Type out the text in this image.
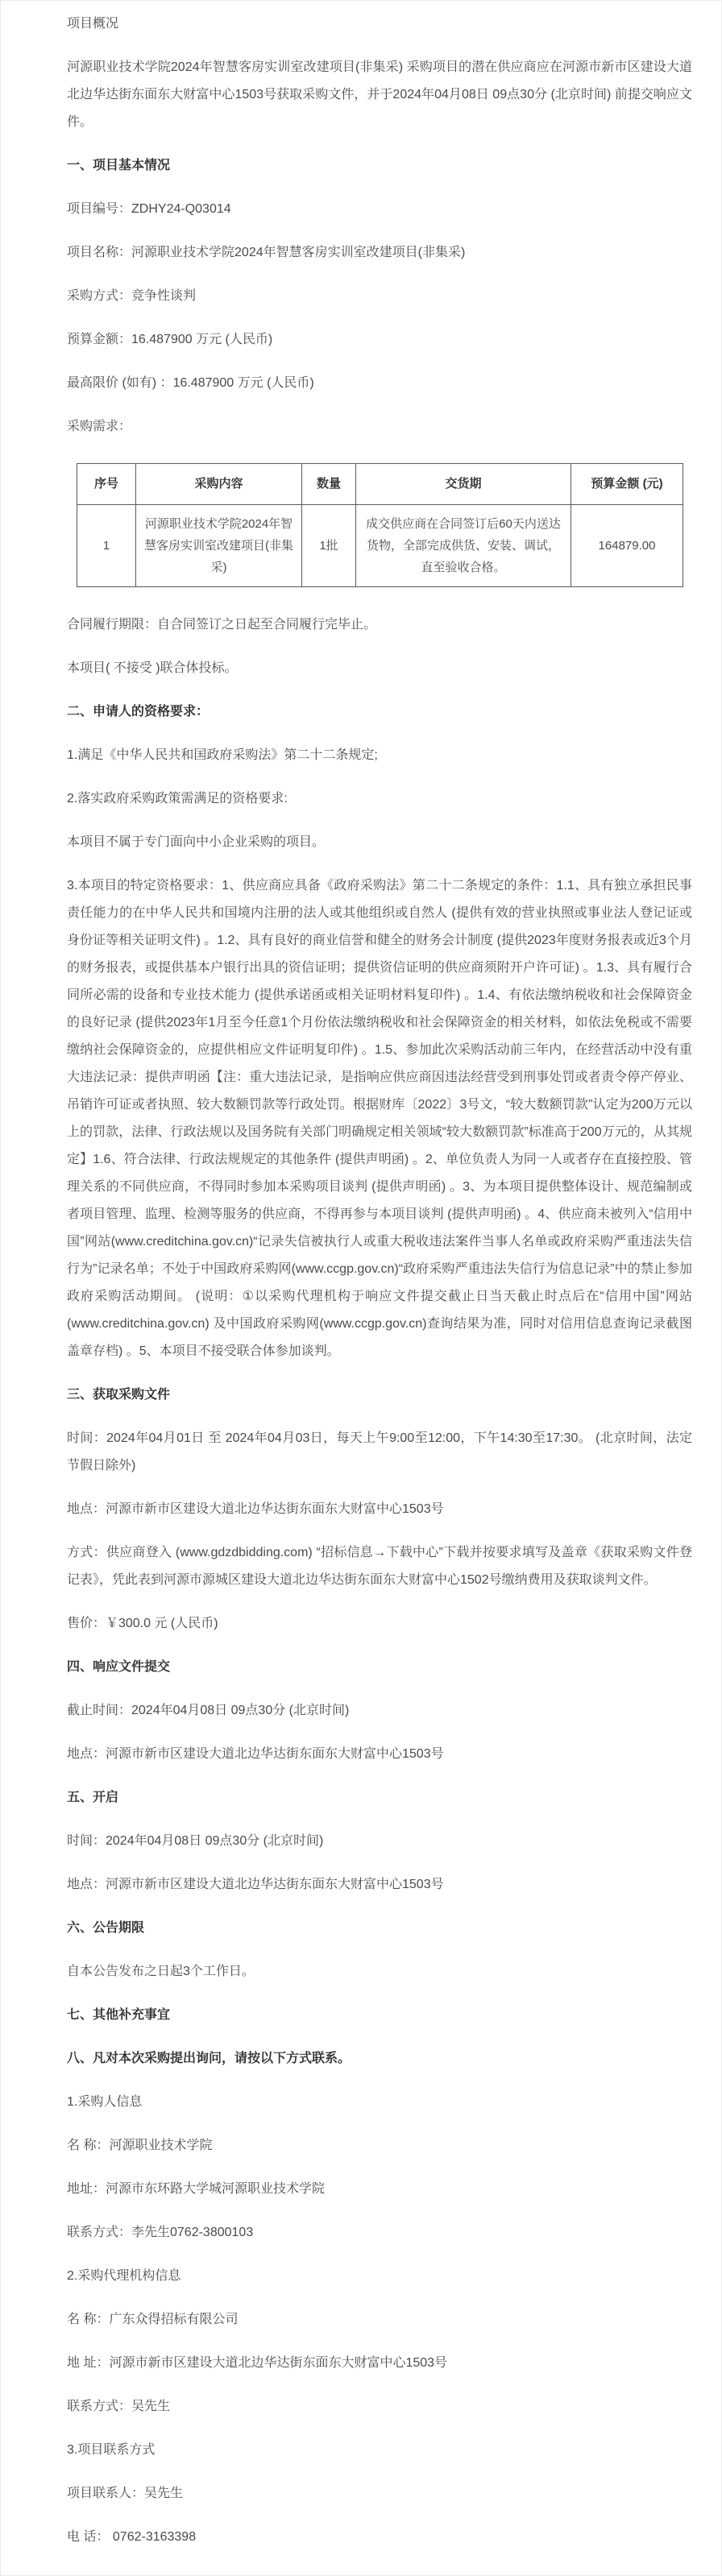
项目概况

河源职业技术学院2024年智慧客房实训室改建项目(非集采) 采购项目的潜在供应商应在河源市新市区建设大道北边华达街东面东大财富中心1503号获取采购文件，并于2024年04月08日 09点30分 (北京时间) 前提交响应文件。

一、项目基本情况

项目编号：ZDHY24-Q03014

项目名称：河源职业技术学院2024年智慧客房实训室改建项目(非集采)

采购方式：竞争性谈判

预算金额：16.487900 万元 (人民币)

最高限价 (如有) ：16.487900 万元 (人民币)

采购需求：

序号	采购内容	数量	交货期	预算金额 (元)
1	河源职业技术学院2024年智慧客房实训室改建项目(非集采)	1批	成交供应商在合同签订后60天内送达货物，全部完成供货、安装、调试，直至验收合格。	164879.00

合同履行期限：自合同签订之日起至合同履行完毕止。

本项目( 不接受 )联合体投标。

二、申请人的资格要求：

1.满足《中华人民共和国政府采购法》第二十二条规定;

2.落实政府采购政策需满足的资格要求:

本项目不属于专门面向中小企业采购的项目。

3.本项目的特定资格要求：1、供应商应具备《政府采购法》第二十二条规定的条件：1.1、具有独立承担民事责任能力的在中华人民共和国境内注册的法人或其他组织或自然人 (提供有效的营业执照或事业法人登记证或身份证等相关证明文件) 。1.2、具有良好的商业信誉和健全的财务会计制度 (提供2023年度财务报表或近3个月的财务报表，或提供基本户银行出具的资信证明；提供资信证明的供应商须附开户许可证) 。1.3、具有履行合同所必需的设备和专业技术能力 (提供承诺函或相关证明材料复印件) 。1.4、有依法缴纳税收和社会保障资金的良好记录 (提供2023年1月至今任意1个月份依法缴纳税收和社会保障资金的相关材料，如依法免税或不需要缴纳社会保障资金的，应提供相应文件证明复印件) 。1.5、参加此次采购活动前三年内，在经营活动中没有重大违法记录：提供声明函【注：重大违法记录，是指响应供应商因违法经营受到刑事处罚或者责令停产停业、吊销许可证或者执照、较大数额罚款等行政处罚。根据财库〔2022〕3号文，“较大数额罚款”认定为200万元以上的罚款，法律、行政法规以及国务院有关部门明确规定相关领域“较大数额罚款”标准高于200万元的，从其规定】1.6、符合法律、行政法规规定的其他条件 (提供声明函) 。2、单位负责人为同一人或者存在直接控股、管理关系的不同供应商，不得同时参加本采购项目谈判 (提供声明函) 。3、为本项目提供整体设计、规范编制或者项目管理、监理、检测等服务的供应商，不得再参与本项目谈判 (提供声明函) 。4、供应商未被列入“信用中国”网站(www.creditchina.gov.cn)“记录失信被执行人或重大税收违法案件当事人名单或政府采购严重违法失信行为”记录名单；不处于中国政府采购网(www.ccgp.gov.cn)“政府采购严重违法失信行为信息记录”中的禁止参加政府采购活动期间。 (说明：①以采购代理机构于响应文件提交截止日当天截止时点后在“信用中国”网站 (www.creditchina.gov.cn) 及中国政府采购网(www.ccgp.gov.cn)查询结果为准，同时对信用信息查询记录截图盖章存档) 。5、本项目不接受联合体参加谈判。

三、获取采购文件

时间：2024年04月01日 至 2024年04月03日，每天上午9:00至12:00，下午14:30至17:30。 (北京时间，法定节假日除外)

地点：河源市新市区建设大道北边华达街东面东大财富中心1503号

方式：供应商登入 (www.gdzdbidding.com) “招标信息→下载中心”下载并按要求填写及盖章《获取采购文件登记表》，凭此表到河源市源城区建设大道北边华达街东面东大财富中心1502号缴纳费用及获取谈判文件。

售价：￥300.0 元 (人民币)

四、响应文件提交

截止时间：2024年04月08日 09点30分 (北京时间)

地点：河源市新市区建设大道北边华达街东面东大财富中心1503号

五、开启

时间：2024年04月08日 09点30分 (北京时间)

地点：河源市新市区建设大道北边华达街东面东大财富中心1503号

六、公告期限

自本公告发布之日起3个工作日。

七、其他补充事宜

八、凡对本次采购提出询问，请按以下方式联系。

1.采购人信息

名 称：河源职业技术学院

地址：河源市东环路大学城河源职业技术学院

联系方式：李先生0762-3800103

2.采购代理机构信息

名 称：广东众得招标有限公司

地 址：河源市新市区建设大道北边华达街东面东大财富中心1503号

联系方式：吴先生

3.项目联系方式

项目联系人：吴先生

电 话： 0762-3163398
